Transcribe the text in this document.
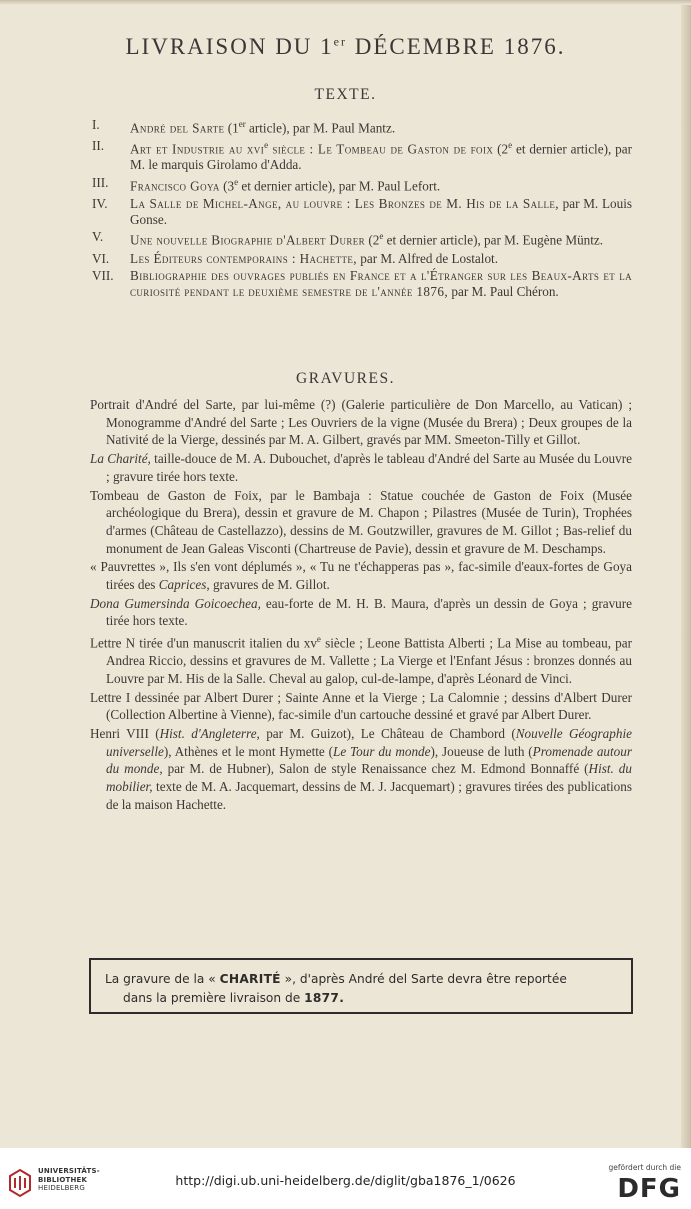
LIVRAISON DU 1er DÉCEMBRE 1876.
TEXTE.
I.	André del Sarte (1er article), par M. Paul Mantz.
II.	Art et Industrie au xvi$^e$ siècle : Le Tombeau de Gaston de foix (2e et dernier article), par M. le marquis Girolamo d'Adda.
III.	Francisco Goya (3e et dernier article), par M. Paul Lefort.
IV.	La Salle de Michel-Ange, au louvre : Les Bronzes de M. His de la Salle, par M. Louis Gonse.
V.	Une nouvelle Biographie d'Albert Durer (2e et dernier article), par M. Eugène Müntz.
VI.	Les Éditeurs contemporains : Hachette, par M. Alfred de Lostalot.
VII.	Bibliographie des ouvrages publiés en France et a l'Étranger sur les Beaux-Arts et la curiosité pendant le deuxième semestre de l'année 1876, par M. Paul Chéron.
GRAVURES.
Portrait d'André del Sarte, par lui-même (?) (Galerie particulière de Don Marcello, au Vatican) ; Monogramme d'André del Sarte ; Les Ouvriers de la vigne (Musée du Brera) ; Deux groupes de la Nativité de la Vierge, dessinés par M. A. Gilbert, gravés par MM. Smeeton-Tilly et Gillot.
La Charité, taille-douce de M. A. Dubouchet, d'après le tableau d'André del Sarte au Musée du Louvre ; gravure tirée hors texte.
Tombeau de Gaston de Foix, par le Bambaja : Statue couchée de Gaston de Foix (Musée archéologique du Brera), dessin et gravure de M. Chapon ; Pilastres (Musée de Turin), Trophées d'armes (Château de Castellazzo), dessins de M. Goutzwiller, gravures de M. Gillot ; Bas-relief du monument de Jean Galeas Visconti (Chartreuse de Pavie), dessin et gravure de M. Deschamps.
« Pauvrettes », Ils s'en vont déplumés », « Tu ne t'échapperas pas », fac-simile d'eaux-fortes de Goya tirées des Caprices, gravures de M. Gillot.
Dona Gumersinda Goicoechea, eau-forte de M. H. B. Maura, d'après un dessin de Goya ; gravure tirée hors texte.
Lettre N tirée d'un manuscrit italien du $xv^e$ siècle ; Leone Battista Alberti ; La Mise au tombeau, par Andrea Riccio, dessins et gravures de M. Vallette ; La Vierge et l'Enfant Jésus : bronzes donnés au Louvre par M. His de la Salle. Cheval au galop, cul-de-lampe, d'après Léonard de Vinci.
Lettre I dessinée par Albert Durer ; Sainte Anne et la Vierge ; La Calomnie ; dessins d'Albert Durer (Collection Albertine à Vienne), fac-simile d'un cartouche dessiné et gravé par Albert Durer.
Henri VIII (Hist. d'Angleterre, par M. Guizot), Le Château de Chambord (Nouvelle Géographie universelle), Athènes et le mont Hymette (Le Tour du monde), Joueuse de luth (Promenade autour du monde, par M. de Hubner), Salon de style Renaissance chez M. Edmond Bonnaffé (Hist. du mobilier, texte de M. A. Jacquemart, dessins de M. J. Jacquemart) ; gravures tirées des publications de la maison Hachette.
La gravure de la « CHARITÉ », d'après André del Sarte devra être reportée
dans la première livraison de 1877.
UNIVERSITÄTS-
BIBLIOTHEK
HEIDELBERG	http://digi.ub.uni-heidelberg.de/diglit/gba1876_1/0626
gefördert durch die
DFG
